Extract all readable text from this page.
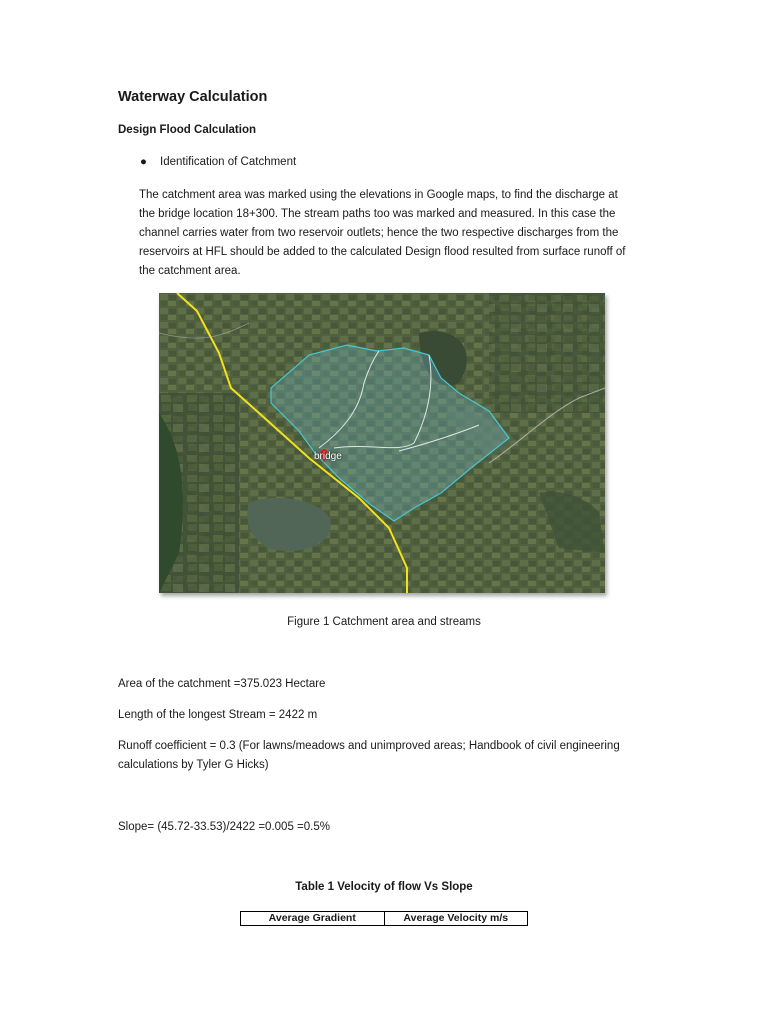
Waterway Calculation
Design Flood Calculation
● Identification of Catchment
The catchment area was marked using the elevations in Google maps, to find the discharge at
the bridge location 18+300. The stream paths too was marked and measured. In this case the
channel carries water from two reservoir outlets; hence the two respective discharges from the
reservoirs at HFL should be added to the calculated Design flood resulted from surface runoff of
the catchment area.
bridge
Figure 1 Catchment area and streams
Area of the catchment =375.023 Hectare
Length of the longest Stream = 2422 m
Runoff coefficient = 0.3 (For lawns/meadows and unimproved areas; Handbook of civil engineering
calculations by Tyler G Hicks)
Slope= (45.72-33.53)/2422 =0.005 =0.5%
Table 1 Velocity of flow Vs Slope
Average Gradient	Average Velocity m/s
